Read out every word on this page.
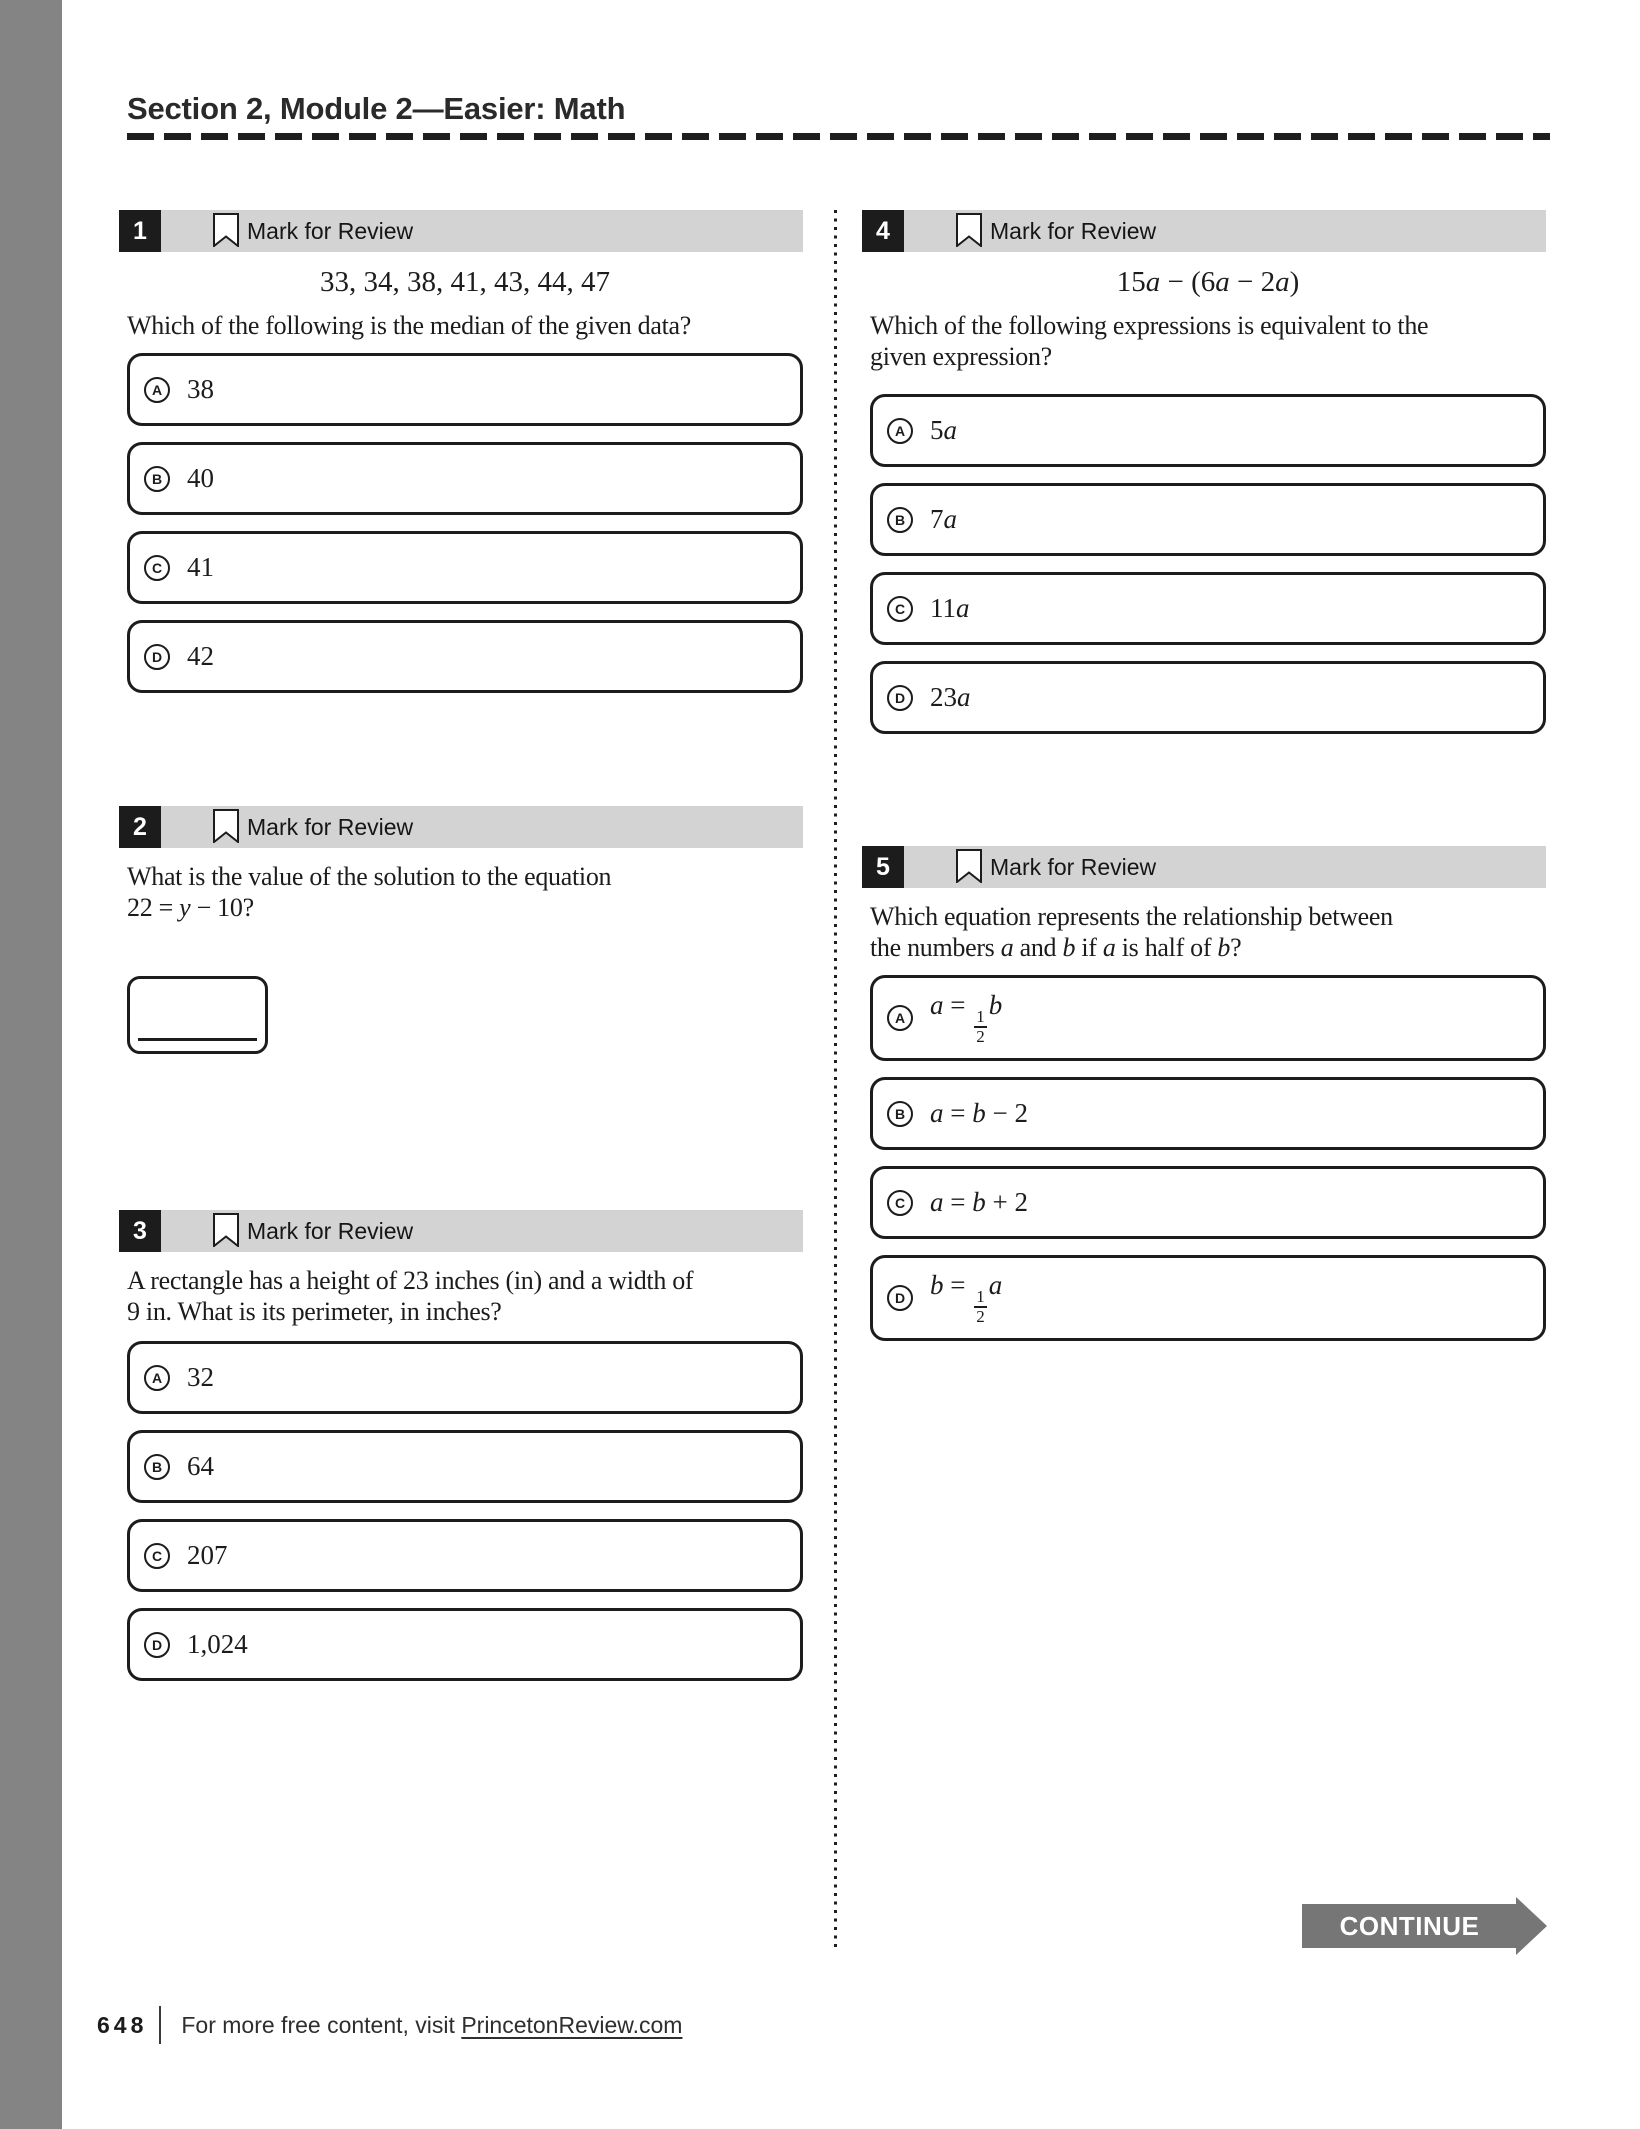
Section 2, Module 2—Easier: Math
1	Mark for Review
33, 34, 38, 41, 43, 44, 47
Which of the following is the median of the given data?
A 38
B 40
C 41
D 42
2	Mark for Review
What is the value of the solution to the equation
22 = y − 10?
3	Mark for Review
A rectangle has a height of 23 inches (in) and a width of
9 in. What is its perimeter, in inches?
A 32
B 64
C 207
D 1,024
4	Mark for Review
15a − (6a − 2a)
Which of the following expressions is equivalent to the
given expression?
A 5a
B 7a
C 11a
D 23a
5	Mark for Review
Which equation represents the relationship between
the numbers a and b if a is half of b?
A a =
$\frac{1}{2}$
b
B a = b − 2
C a = b + 2
D b =
$\frac{1}{2}$
a
CONTINUE
648 For more free content, visit PrincetonReview.com
